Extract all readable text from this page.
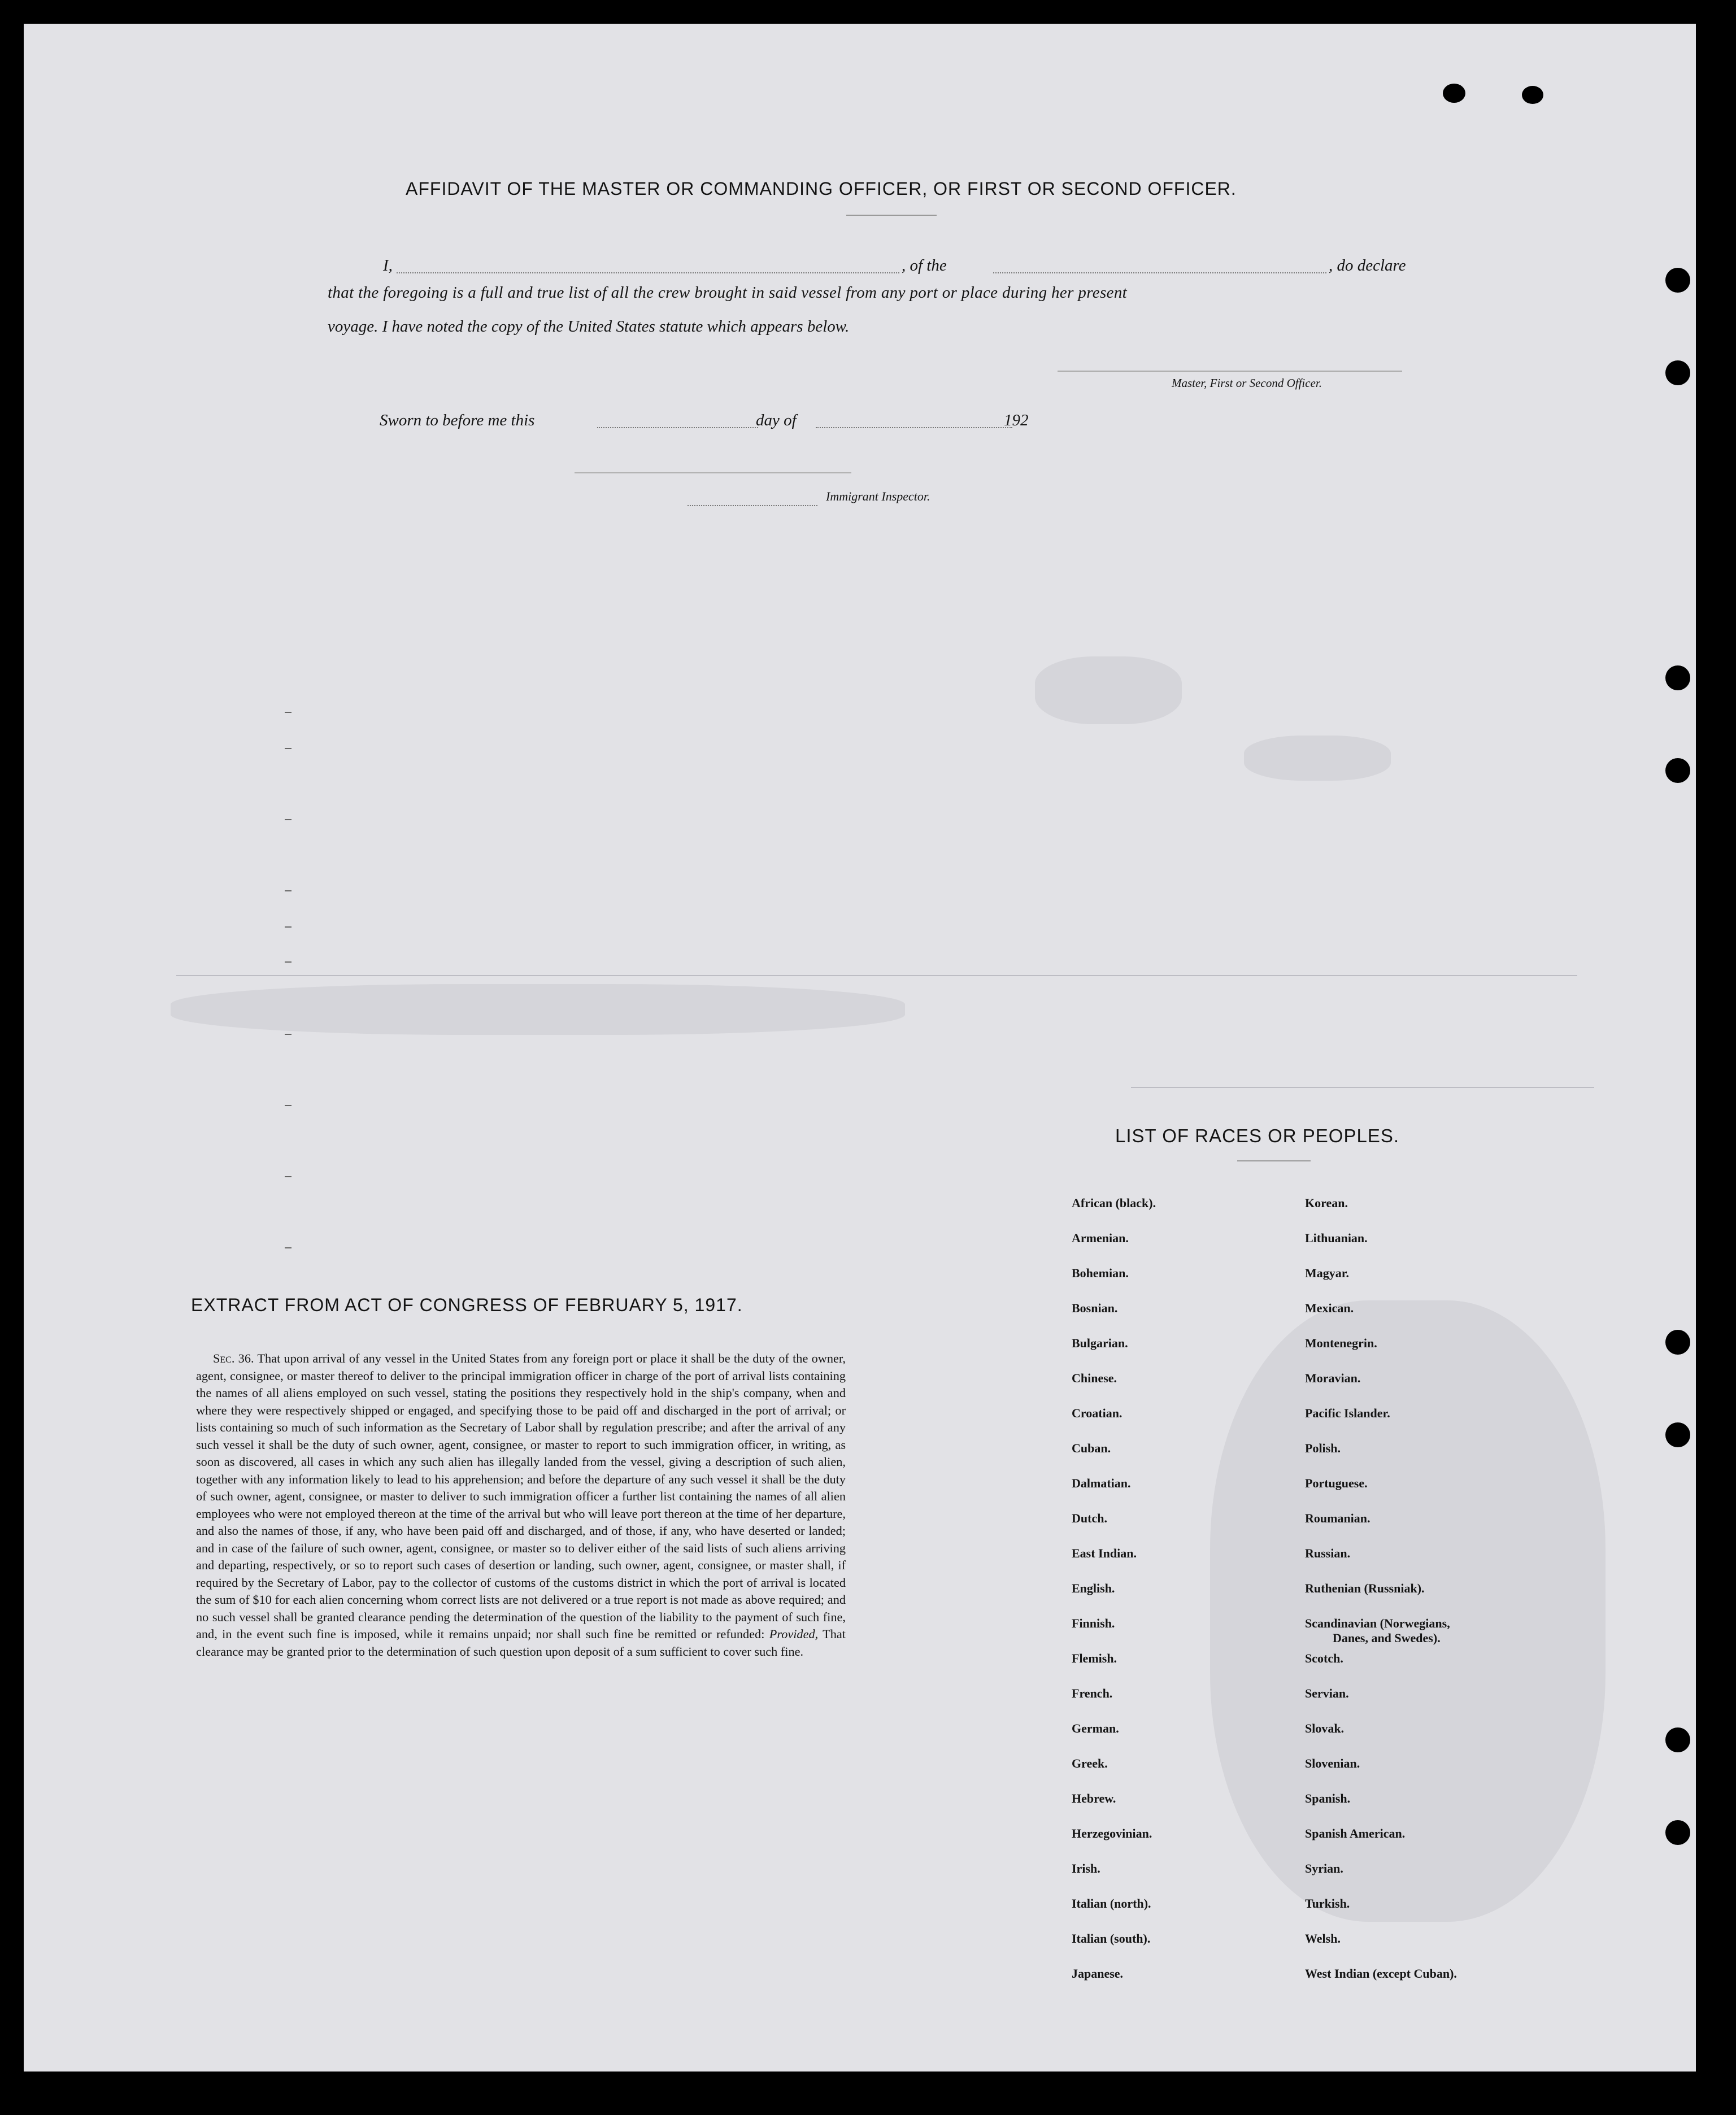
AFFIDAVIT OF THE MASTER OR COMMANDING OFFICER, OR FIRST OR SECOND OFFICER.
I,	, of the	, do declare
that the foregoing is a full and true list of all the crew brought in said vessel from any port or place during her present
voyage. I have noted the copy of the United States statute which appears below.
Master, First or Second Officer.
Sworn to before me this	day of	192
Immigrant Inspector.
EXTRACT FROM ACT OF CONGRESS OF FEBRUARY 5, 1917.
Sec. 36. That upon arrival of any vessel in the United States from any foreign port or place it shall be the duty of the owner, agent, consignee, or master thereof to deliver to the principal immigration officer in charge of the port of arrival lists containing the names of all aliens employed on such vessel, stating the positions they respectively hold in the ship's company, when and where they were respectively shipped or engaged, and specifying those to be paid off and discharged in the port of arrival; or lists containing so much of such information as the Secretary of Labor shall by regulation prescribe; and after the arrival of any such vessel it shall be the duty of such owner, agent, consignee, or master to report to such immigration officer, in writing, as soon as discovered, all cases in which any such alien has illegally landed from the vessel, giving a description of such alien, together with any information likely to lead to his apprehension; and before the departure of any such vessel it shall be the duty of such owner, agent, consignee, or master to deliver to such immigration officer a further list containing the names of all alien employees who were not employed thereon at the time of the arrival but who will leave port thereon at the time of her departure, and also the names of those, if any, who have been paid off and discharged, and of those, if any, who have deserted or landed; and in case of the failure of such owner, agent, consignee, or master so to deliver either of the said lists of such aliens arriving and departing, respectively, or so to report such cases of desertion or landing, such owner, agent, consignee, or master shall, if required by the Secretary of Labor, pay to the collector of customs of the customs district in which the port of arrival is located the sum of $10 for each alien concerning whom correct lists are not delivered or a true report is not made as above required; and no such vessel shall be granted clearance pending the determination of the question of the liability to the payment of such fine, and, in the event such fine is imposed, while it remains unpaid; nor shall such fine be remitted or refunded: Provided, That clearance may be granted prior to the determination of such question upon deposit of a sum sufficient to cover such fine.
LIST OF RACES OR PEOPLES.
African (black).
Armenian.
Bohemian.
Bosnian.
Bulgarian.
Chinese.
Croatian.
Cuban.
Dalmatian.
Dutch.
East Indian.
English.
Finnish.
Flemish.
French.
German.
Greek.
Hebrew.
Herzegovinian.
Irish.
Italian (north).
Italian (south).
Japanese.
Korean.
Lithuanian.
Magyar.
Mexican.
Montenegrin.
Moravian.
Pacific Islander.
Polish.
Portuguese.
Roumanian.
Russian.
Ruthenian (Russniak).
Scandinavian (Norwegians,
Danes, and Swedes).
Scotch.
Servian.
Slovak.
Slovenian.
Spanish.
Spanish American.
Syrian.
Turkish.
Welsh.
West Indian (except Cuban).
